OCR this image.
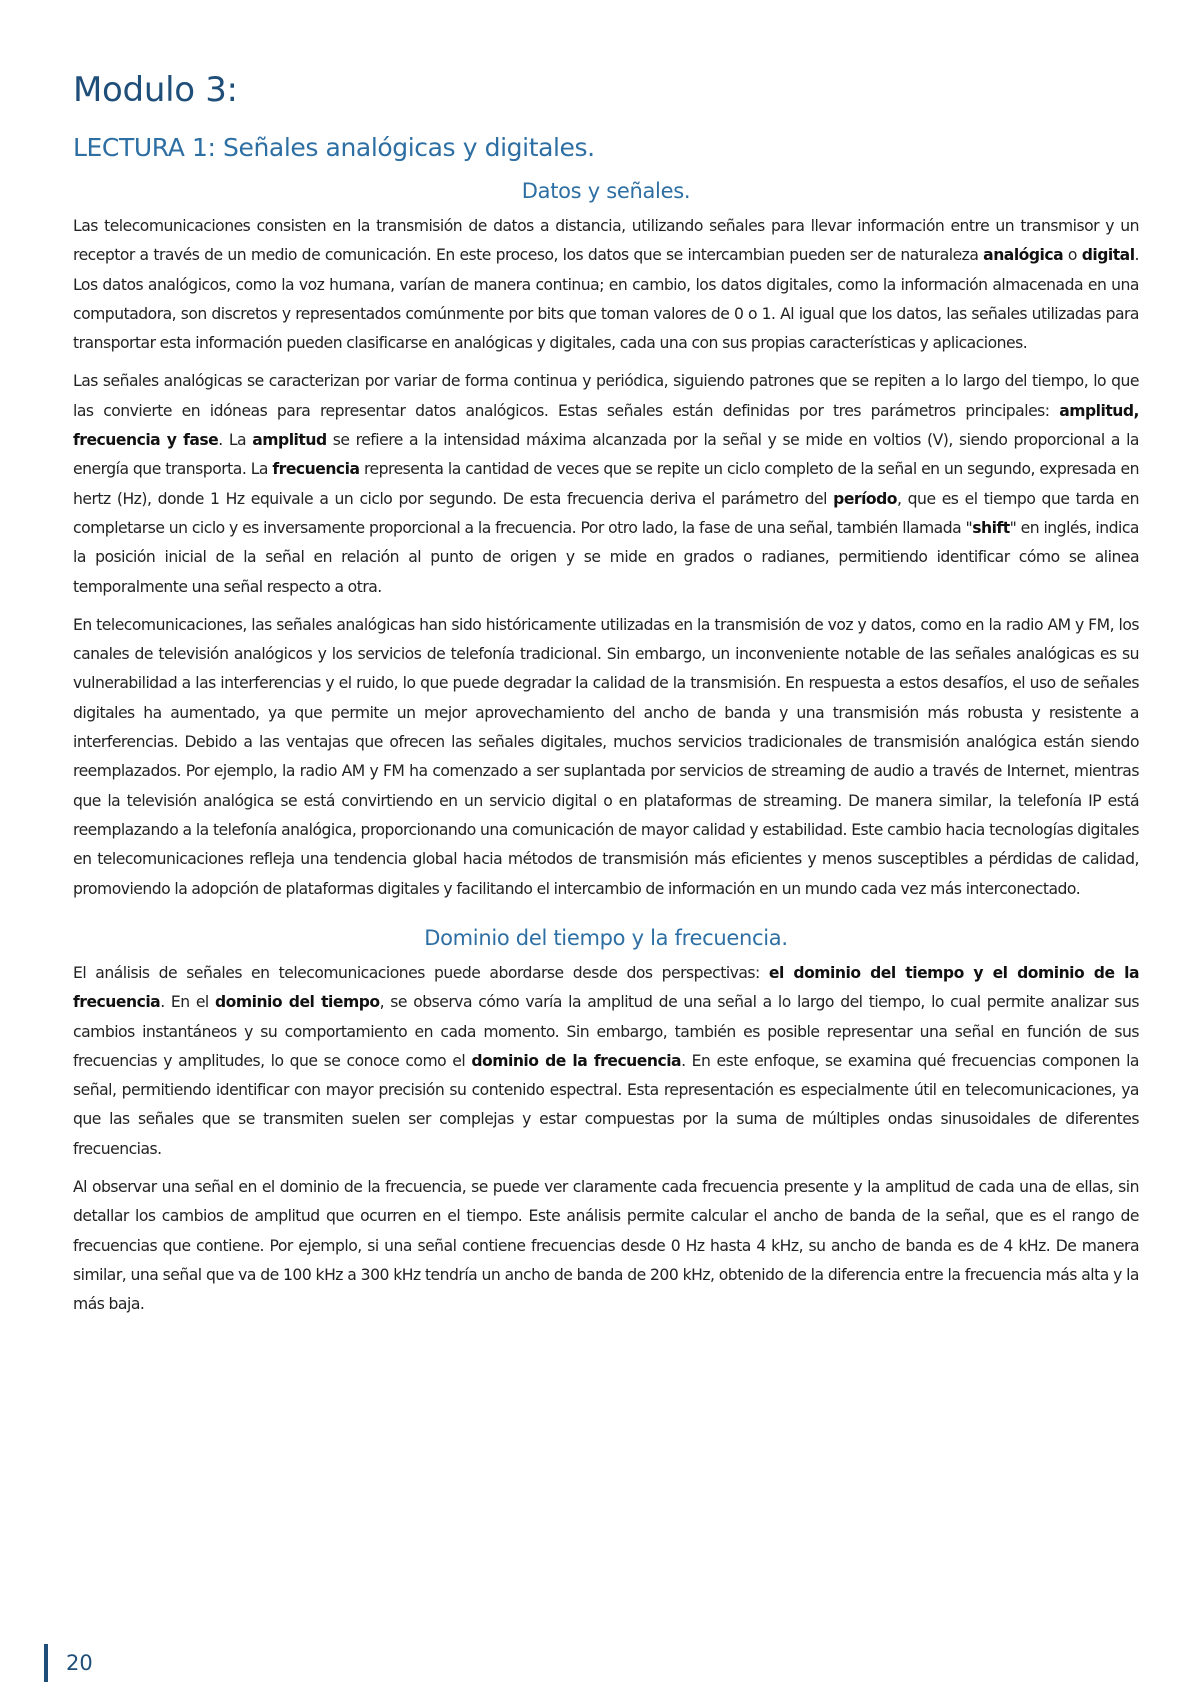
Modulo 3:
LECTURA 1: Señales analógicas y digitales.
Datos y señales.

Las telecomunicaciones consisten en la transmisión de datos a distancia, utilizando señales para llevar información entre un transmisor y un receptor a través de un medio de comunicación. En este proceso, los datos que se intercambian pueden ser de naturaleza analógica o digital. Los datos analógicos, como la voz humana, varían de manera continua; en cambio, los datos digitales, como la información almacenada en una computadora, son discretos y representados comúnmente por bits que toman valores de 0 o 1. Al igual que los datos, las señales utilizadas para transportar esta información pueden clasificarse en analógicas y digitales, cada una con sus propias características y aplicaciones.

Las señales analógicas se caracterizan por variar de forma continua y periódica, siguiendo patrones que se repiten a lo largo del tiempo, lo que las convierte en idóneas para representar datos analógicos. Estas señales están definidas por tres parámetros principales: amplitud, frecuencia y fase. La amplitud se refiere a la intensidad máxima alcanzada por la señal y se mide en voltios (V), siendo proporcional a la energía que transporta. La frecuencia representa la cantidad de veces que se repite un ciclo completo de la señal en un segundo, expresada en hertz (Hz), donde 1 Hz equivale a un ciclo por segundo. De esta frecuencia deriva el parámetro del período, que es el tiempo que tarda en completarse un ciclo y es inversamente proporcional a la frecuencia. Por otro lado, la fase de una señal, también llamada "shift" en inglés, indica la posición inicial de la señal en relación al punto de origen y se mide en grados o radianes, permitiendo identificar cómo se alinea temporalmente una señal respecto a otra.

En telecomunicaciones, las señales analógicas han sido históricamente utilizadas en la transmisión de voz y datos, como en la radio AM y FM, los canales de televisión analógicos y los servicios de telefonía tradicional. Sin embargo, un inconveniente notable de las señales analógicas es su vulnerabilidad a las interferencias y el ruido, lo que puede degradar la calidad de la transmisión. En respuesta a estos desafíos, el uso de señales digitales ha aumentado, ya que permite un mejor aprovechamiento del ancho de banda y una transmisión más robusta y resistente a interferencias. Debido a las ventajas que ofrecen las señales digitales, muchos servicios tradicionales de transmisión analógica están siendo reemplazados. Por ejemplo, la radio AM y FM ha comenzado a ser suplantada por servicios de streaming de audio a través de Internet, mientras que la televisión analógica se está convirtiendo en un servicio digital o en plataformas de streaming. De manera similar, la telefonía IP está reemplazando a la telefonía analógica, proporcionando una comunicación de mayor calidad y estabilidad. Este cambio hacia tecnologías digitales en telecomunicaciones refleja una tendencia global hacia métodos de transmisión más eficientes y menos susceptibles a pérdidas de calidad, promoviendo la adopción de plataformas digitales y facilitando el intercambio de información en un mundo cada vez más interconectado.

Dominio del tiempo y la frecuencia.

El análisis de señales en telecomunicaciones puede abordarse desde dos perspectivas: el dominio del tiempo y el dominio de la frecuencia. En el dominio del tiempo, se observa cómo varía la amplitud de una señal a lo largo del tiempo, lo cual permite analizar sus cambios instantáneos y su comportamiento en cada momento. Sin embargo, también es posible representar una señal en función de sus frecuencias y amplitudes, lo que se conoce como el dominio de la frecuencia. En este enfoque, se examina qué frecuencias componen la señal, permitiendo identificar con mayor precisión su contenido espectral. Esta representación es especialmente útil en telecomunicaciones, ya que las señales que se transmiten suelen ser complejas y estar compuestas por la suma de múltiples ondas sinusoidales de diferentes frecuencias.

Al observar una señal en el dominio de la frecuencia, se puede ver claramente cada frecuencia presente y la amplitud de cada una de ellas, sin detallar los cambios de amplitud que ocurren en el tiempo. Este análisis permite calcular el ancho de banda de la señal, que es el rango de frecuencias que contiene. Por ejemplo, si una señal contiene frecuencias desde 0 Hz hasta 4 kHz, su ancho de banda es de 4 kHz. De manera similar, una señal que va de 100 kHz a 300 kHz tendría un ancho de banda de 200 kHz, obtenido de la diferencia entre la frecuencia más alta y la más baja.

20
